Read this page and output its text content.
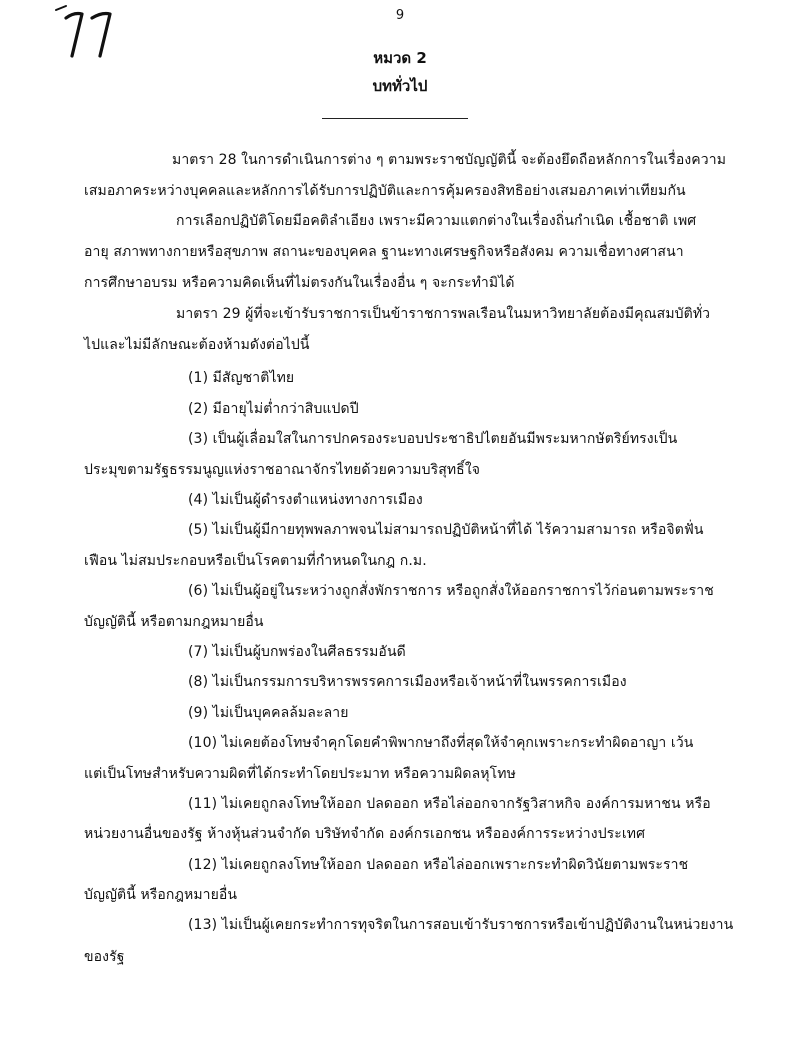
9
หมวด 2
บททั่วไป
มาตรา 28 ในการดำเนินการต่าง ๆ ตามพระราชบัญญัตินี้ จะต้องยึดถือหลักการในเรื่องความ
เสมอภาคระหว่างบุคคลและหลักการได้รับการปฏิบัติและการคุ้มครองสิทธิอย่างเสมอภาคเท่าเทียมกัน
การเลือกปฏิบัติโดยมีอคติลำเอียง เพราะมีความแตกต่างในเรื่องถิ่นกำเนิด เชื้อชาติ เพศ
อายุ สภาพทางกายหรือสุขภาพ สถานะของบุคคล ฐานะทางเศรษฐกิจหรือสังคม ความเชื่อทางศาสนา
การศึกษาอบรม หรือความคิดเห็นที่ไม่ตรงกันในเรื่องอื่น ๆ จะกระทำมิได้
มาตรา 29 ผู้ที่จะเข้ารับราชการเป็นข้าราชการพลเรือนในมหาวิทยาลัยต้องมีคุณสมบัติทั่ว
ไปและไม่มีลักษณะต้องห้ามดังต่อไปนี้
(1) มีสัญชาติไทย
(2) มีอายุไม่ต่ำกว่าสิบแปดปี
(3) เป็นผู้เลื่อมใสในการปกครองระบอบประชาธิปไตยอันมีพระมหากษัตริย์ทรงเป็น
ประมุขตามรัฐธรรมนูญแห่งราชอาณาจักรไทยด้วยความบริสุทธิ์ใจ
(4) ไม่เป็นผู้ดำรงตำแหน่งทางการเมือง
(5) ไม่เป็นผู้มีกายทุพพลภาพจนไม่สามารถปฏิบัติหน้าที่ได้ ไร้ความสามารถ หรือจิตฟั่น
เฟือน ไม่สมประกอบหรือเป็นโรคตามที่กำหนดในกฎ ก.ม.
(6) ไม่เป็นผู้อยู่ในระหว่างถูกสั่งพักราชการ หรือถูกสั่งให้ออกราชการไว้ก่อนตามพระราช
บัญญัตินี้ หรือตามกฎหมายอื่น
(7) ไม่เป็นผู้บกพร่องในศีลธรรมอันดี
(8) ไม่เป็นกรรมการบริหารพรรคการเมืองหรือเจ้าหน้าที่ในพรรคการเมือง
(9) ไม่เป็นบุคคลล้มละลาย
(10) ไม่เคยต้องโทษจำคุกโดยคำพิพากษาถึงที่สุดให้จำคุกเพราะกระทำผิดอาญา เว้น
แต่เป็นโทษสำหรับความผิดที่ได้กระทำโดยประมาท หรือความผิดลหุโทษ
(11) ไม่เคยถูกลงโทษให้ออก ปลดออก หรือไล่ออกจากรัฐวิสาหกิจ องค์การมหาชน หรือ
หน่วยงานอื่นของรัฐ ห้างหุ้นส่วนจำกัด บริษัทจำกัด องค์กรเอกชน หรือองค์การระหว่างประเทศ
(12) ไม่เคยถูกลงโทษให้ออก ปลดออก หรือไล่ออกเพราะกระทำผิดวินัยตามพระราช
บัญญัตินี้ หรือกฎหมายอื่น
(13) ไม่เป็นผู้เคยกระทำการทุจริตในการสอบเข้ารับราชการหรือเข้าปฏิบัติงานในหน่วยงาน
ของรัฐ
